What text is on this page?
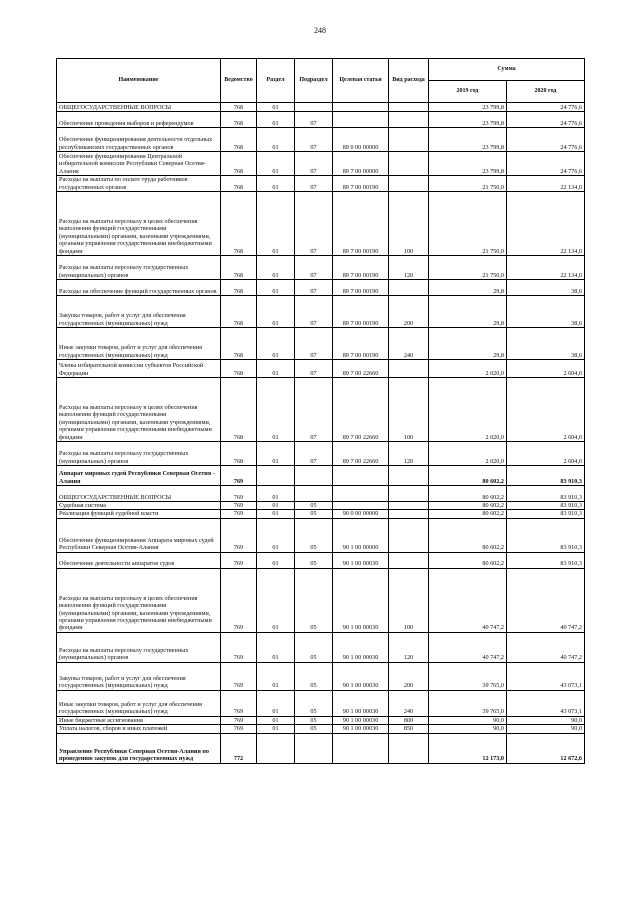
248
Наименование	Ведомство	Раздел	Подраздел	Целевая статья	Вид расхода	Сумма	
						2019 год	2020 год
ОБЩЕГОСУДАРСТВЕННЫЕ ВОПРОСЫ	768	01				23 799,8	24 776,6
Обеспечение проведения выборов и референдумов	768	01	07			23 799,8	24 776,6
Обеспечение функционирования деятельности отдельных республиканских государственных органов	768	01	07	89 0 00 00000		23 799,8	24 776,6
Обеспечение функционирования Центральной избирательной комиссии Республики Северная Осетия-Алания	768	01	07	89 7 00 00000		23 799,8	24 776,6
Расходы на выплаты по оплате труда работников государственных органов	768	01	07	89 7 00 00190		21 750,0	22 134,0
Расходы на выплаты персоналу в целях обеспечения выполнения функций государственными (муниципальными) органами, казенными учреждениями, органами управления государственными внебюджетными фондами	768	01	07	89 7 00 00190	100	21 750,0	22 134,0
Расходы на выплаты персоналу государственных (муниципальных) органов	768	01	07	89 7 00 00190	120	21 750,0	22 134,0
Расходы на обеспечение функций государственных органов	768	01	07	89 7 00 00190		29,8	38,6
Закупка товаров, работ и услуг для обеспечения государственных (муниципальных) нужд	768	01	07	89 7 00 00190	200	29,8	38,6
Иные закупки товаров, работ и услуг для обеспечения государственных (муниципальных) нужд	768	01	07	89 7 00 00190	240	29,8	38,6
Члены избирательной комиссии субъектов Российской Федерации	768	01	07	89 7 00 22660		2 020,0	2 604,0
Расходы на выплаты персоналу в целях обеспечения выполнения функций государственными (муниципальными) органами, казенными учреждениями, органами управления государственными внебюджетными фондами	768	01	07	89 7 00 22660	100	2 020,0	2 604,0
Расходы на выплаты персоналу государственных (муниципальных) органов	768	01	07	89 7 00 22660	120	2 020,0	2 604,0
Аппарат мировых судей Республики Северная Осетия - Алания	769					80 602,2	83 910,3
ОБЩЕГОСУДАРСТВЕННЫЕ ВОПРОСЫ	769	01				80 602,2	83 910,3
Судебная система	769	01	05			80 602,2	83 910,3
Реализация функций судебной власти	769	01	05	90 0 00 00000		80 602,2	83 910,3
Обеспечение функционирования Аппарата мировых судей Республики Северная Осетия-Алания	769	01	05	90 1 00 00000		80 602,2	83 910,3
Обеспечение деятельности аппаратов судов	769	01	05	90 1 00 00030		80 602,2	83 910,3
Расходы на выплаты персоналу в целях обеспечения выполнения функций государственными (муниципальными) органами, казенными учреждениями, органами управления государственными внебюджетными фондами	769	01	05	90 1 00 00030	100	40 747,2	40 747,2
Расходы на выплаты персоналу государственных (муниципальных) органов	769	01	05	90 1 00 00030	120	40 747,2	40 747,2
Закупка товаров, работ и услуг для обеспечения государственных (муниципальных) нужд	769	01	05	90 1 00 00030	200	39 765,0	43 073,1
Иные закупки товаров, работ и услуг для обеспечения государственных (муниципальных) нужд	769	01	05	90 1 00 00030	240	39 765,0	43 073,1
Иные бюджетные ассигнования	769	01	05	90 1 00 00030	800	90,0	90,0
Уплата налогов, сборов и иных платежей	769	01	05	90 1 00 00030	850	90,0	90,0
Управление Республики Северная Осетия-Алания по проведению закупок для государственных нужд	772					12 173,0	12 672,6
